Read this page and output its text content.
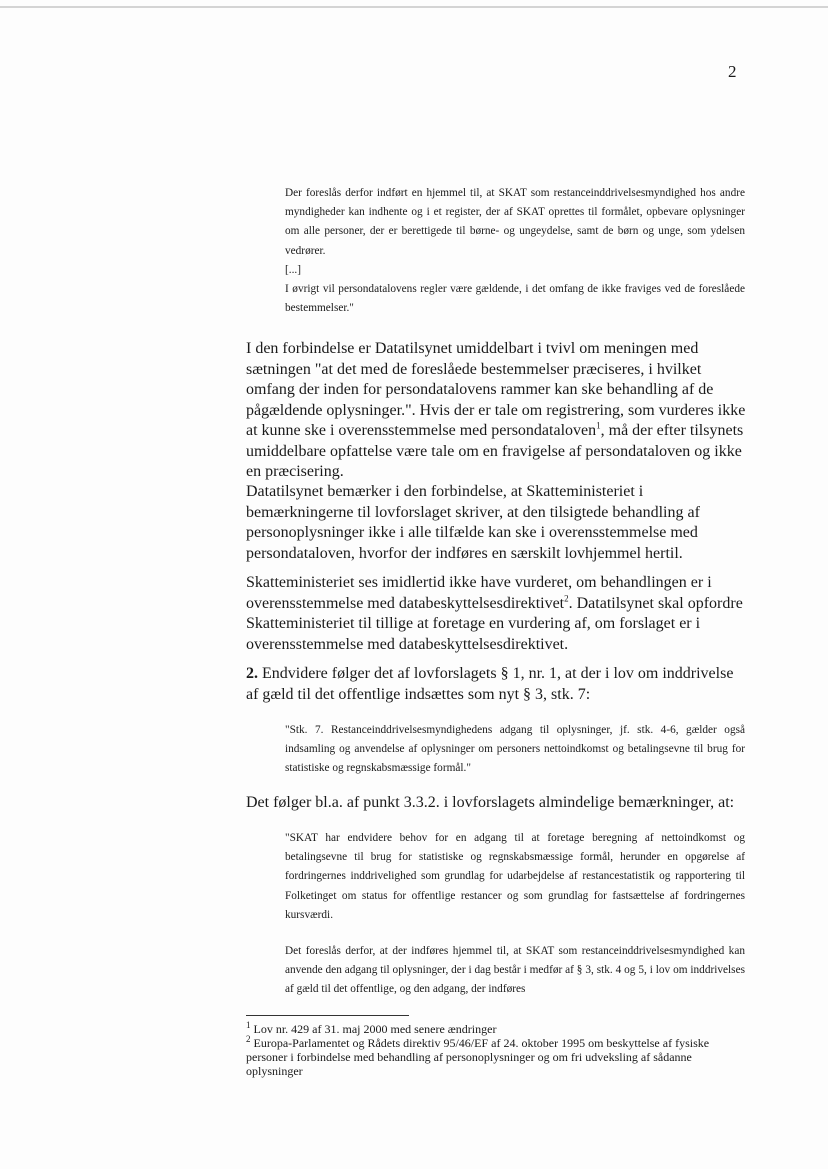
2

Der foreslås derfor indført en hjemmel til, at SKAT som restanceinddrivelsesmyndighed hos andre myndigheder kan indhente og i et register, der af SKAT oprettes til formålet, opbevare oplysninger om alle personer, der er berettigede til børne- og ungeydelse, samt de børn og unge, som ydelsen vedrører.

[...]

I øvrigt vil persondatalovens regler være gældende, i det omfang de ikke fraviges ved de foreslåede bestemmelser."

I den forbindelse er Datatilsynet umiddelbart i tvivl om meningen med sætningen "at det med de foreslåede bestemmelser præciseres, i hvilket omfang der inden for persondatalovens rammer kan ske behandling af de pågældende oplysninger.". Hvis der er tale om registrering, som vurderes ikke at kunne ske i overensstemmelse med persondataloven$^1$, må der efter tilsynets umiddelbare opfattelse være tale om en fravigelse af persondataloven og ikke en præcisering.

Datatilsynet bemærker i den forbindelse, at Skatteministeriet i bemærkningerne til lovforslaget skriver, at den tilsigtede behandling af personoplysninger ikke i alle tilfælde kan ske i overensstemmelse med persondataloven, hvorfor der indføres en særskilt lovhjemmel hertil.

Skatteministeriet ses imidlertid ikke have vurderet, om behandlingen er i overensstemmelse med databeskyttelsesdirektivet$^2$. Datatilsynet skal opfordre Skatteministeriet til tillige at foretage en vurdering af, om forslaget er i overensstemmelse med databeskyttelsesdirektivet.

2. Endvidere følger det af lovforslagets § 1, nr. 1, at der i lov om inddrivelse af gæld til det offentlige indsættes som nyt § 3, stk. 7:

"Stk. 7. Restanceinddrivelsesmyndighedens adgang til oplysninger, jf. stk. 4-6, gælder også indsamling og anvendelse af oplysninger om personers nettoindkomst og betalingsevne til brug for statistiske og regnskabsmæssige formål."

Det følger bl.a. af punkt 3.3.2. i lovforslagets almindelige bemærkninger, at:

"SKAT har endvidere behov for en adgang til at foretage beregning af nettoindkomst og betalingsevne til brug for statistiske og regnskabsmæssige formål, herunder en opgørelse af fordringernes inddrivelighed som grundlag for udarbejdelse af restancestatistik og rapportering til Folketinget om status for offentlige restancer og som grundlag for fastsættelse af fordringernes kursværdi.

Det foreslås derfor, at der indføres hjemmel til, at SKAT som restanceinddrivelsesmyndighed kan anvende den adgang til oplysninger, der i dag består i medfør af § 3, stk. 4 og 5, i lov om inddrivelses af gæld til det offentlige, og den adgang, der indføres

$^1$ Lov nr. 429 af 31. maj 2000 med senere ændringer

$^2$ Europa-Parlamentet og Rådets direktiv 95/46/EF af 24. oktober 1995 om beskyttelse af fysiske personer i forbindelse med behandling af personoplysninger og om fri udveksling af sådanne oplysninger
